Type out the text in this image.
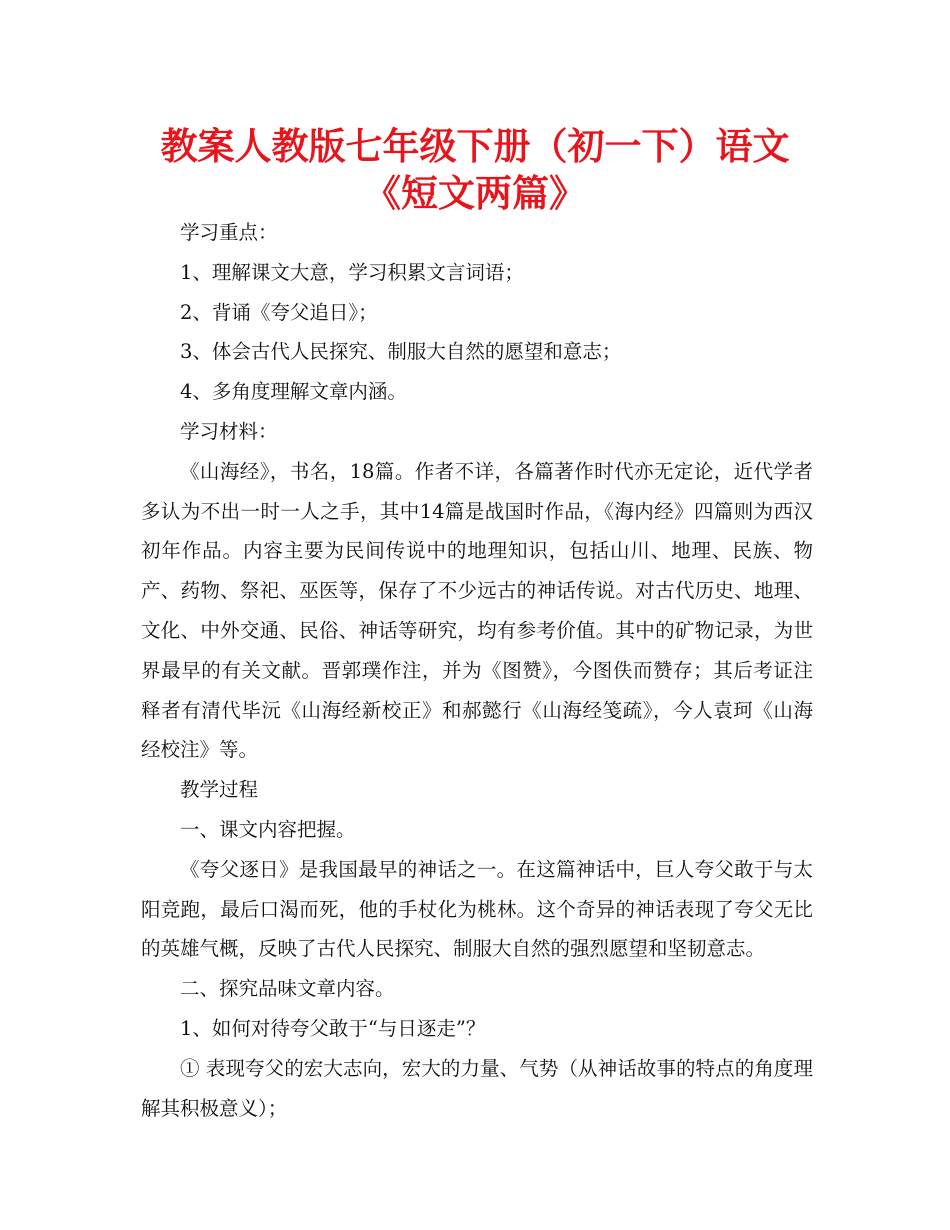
教案人教版七年级下册（初一下）语文
《短文两篇》

学习重点：

1、理解课文大意，学习积累文言词语；

2、背诵《夸父追日》；

3、体会古代人民探究、制服大自然的愿望和意志；

4、多角度理解文章内涵。

学习材料：

《山海经》，书名，18篇。作者不详，各篇著作时代亦无定论，近代学者多认为不出一时一人之手，其中14篇是战国时作品，《海内经》四篇则为西汉初年作品。内容主要为民间传说中的地理知识，包括山川、地理、民族、物产、药物、祭祀、巫医等，保存了不少远古的神话传说。对古代历史、地理、文化、中外交通、民俗、神话等研究，均有参考价值。其中的矿物记录，为世界最早的有关文献。晋郭璞作注，并为《图赞》，今图佚而赞存；其后考证注释者有清代毕沅《山海经新校正》和郝懿行《山海经笺疏》，今人袁珂《山海经校注》等。

教学过程

一、课文内容把握。

《夸父逐日》是我国最早的神话之一。在这篇神话中，巨人夸父敢于与太阳竞跑，最后口渴而死，他的手杖化为桃林。这个奇异的神话表现了夸父无比的英雄气概，反映了古代人民探究、制服大自然的强烈愿望和坚韧意志。

二、探究品味文章内容。

1、如何对待夸父敢于“与日逐走”？

① 表现夸父的宏大志向，宏大的力量、气势（从神话故事的特点的角度理解其积极意义）；
